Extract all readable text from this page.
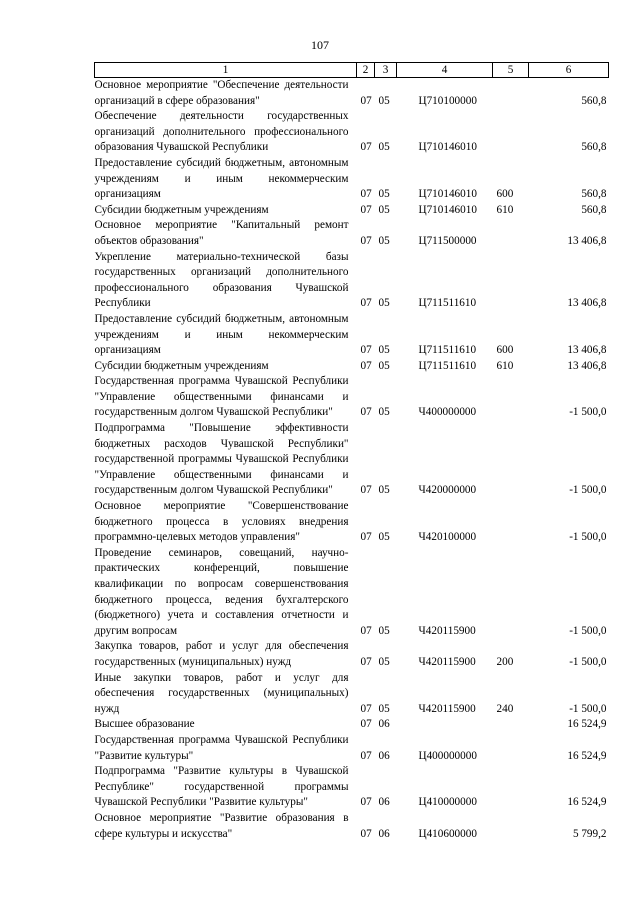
107
1	2	3	4	5	6
Основное мероприятие "Обеспечение деятельности организаций в сфере образования"	07	05	Ц710100000		560,8
Обеспечение деятельности государственных организаций дополнительного профессионального образования Чувашской Республики	07	05	Ц710146010		560,8
Предоставление субсидий бюджетным, автономным учреждениям и иным некоммерческим организациям	07	05	Ц710146010	600	560,8
Субсидии бюджетным учреждениям	07	05	Ц710146010	610	560,8
Основное мероприятие "Капитальный ремонт объектов образования"	07	05	Ц711500000		13 406,8
Укрепление материально-технической базы государственных организаций дополнительного профессионального образования Чувашской Республики	07	05	Ц711511610		13 406,8
Предоставление субсидий бюджетным, автономным учреждениям и иным некоммерческим организациям	07	05	Ц711511610	600	13 406,8
Субсидии бюджетным учреждениям	07	05	Ц711511610	610	13 406,8
Государственная программа Чувашской Республики "Управление общественными финансами и государственным долгом Чувашской Республики"	07	05	Ч400000000		-1 500,0
Подпрограмма "Повышение эффективности бюджетных расходов Чувашской Республики" государственной программы Чувашской Республики "Управление общественными финансами и государственным долгом Чувашской Республики"	07	05	Ч420000000		-1 500,0
Основное мероприятие "Совершенствование бюджетного процесса в условиях внедрения программно-целевых методов управления"	07	05	Ч420100000		-1 500,0
Проведение семинаров, совещаний, научно-практических конференций, повышение квалификации по вопросам совершенствования бюджетного процесса, ведения бухгалтерского (бюджетного) учета и составления отчетности и другим вопросам	07	05	Ч420115900		-1 500,0
Закупка товаров, работ и услуг для обеспечения государственных (муниципальных) нужд	07	05	Ч420115900	200	-1 500,0
Иные закупки товаров, работ и услуг для обеспечения государственных (муниципальных) нужд	07	05	Ч420115900	240	-1 500,0
Высшее образование	07	06			16 524,9
Государственная программа Чувашской Республики "Развитие культуры"	07	06	Ц400000000		16 524,9
Подпрограмма "Развитие культуры в Чувашской Республике" государственной программы Чувашской Республики "Развитие культуры"	07	06	Ц410000000		16 524,9
Основное мероприятие "Развитие образования в сфере культуры и искусства"	07	06	Ц410600000		5 799,2
